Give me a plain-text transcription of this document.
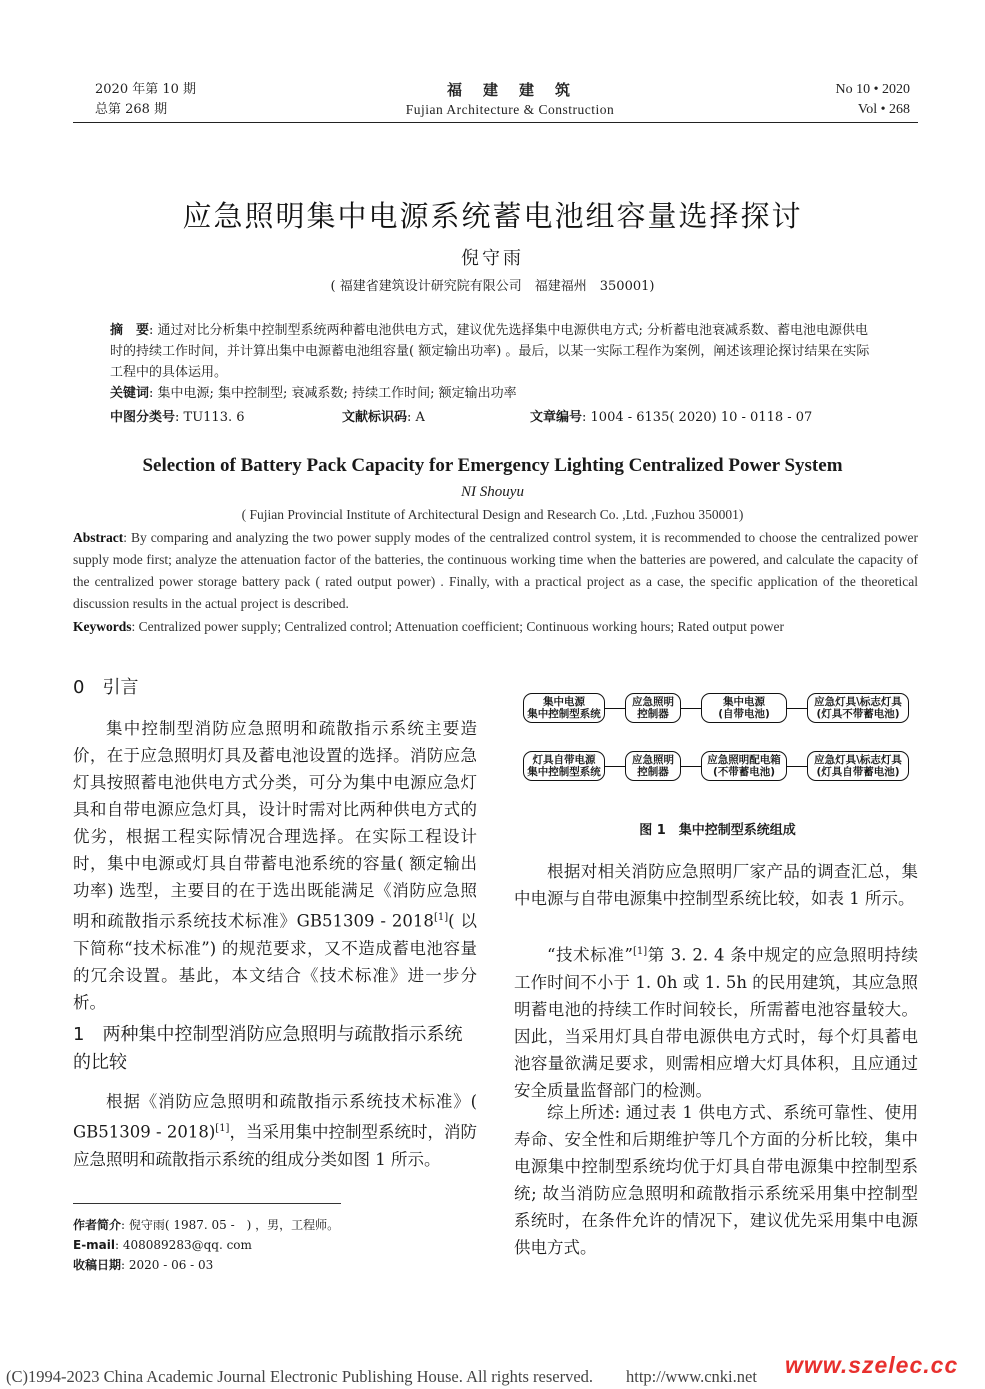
2020 年第 10 期
总第 268 期
福　建　建　筑
Fujian Architecture & Construction
No 10 • 2020
Vol • 268
应急照明集中电源系统蓄电池组容量选择探讨
倪守雨
( 福建省建筑设计研究院有限公司　福建福州　350001)
摘　要: 通过对比分析集中控制型系统两种蓄电池供电方式，建议优先选择集中电源供电方式; 分析蓄电池衰减系数、蓄电池电源供电时的持续工作时间，并计算出集中电源蓄电池组容量( 额定输出功率) 。最后，以某一实际工程作为案例，阐述该理论探讨结果在实际工程中的具体运用。
关键词: 集中电源; 集中控制型; 衰减系数; 持续工作时间; 额定输出功率
中图分类号: TU113. 6	文献标识码: A	文章编号: 1004 - 6135( 2020) 10 - 0118 - 07
Selection of Battery Pack Capacity for Emergency Lighting Centralized Power System
NI Shouyu
( Fujian Provincial Institute of Architectural Design and Research Co. ,Ltd. ,Fuzhou 350001)
Abstract: By comparing and analyzing the two power supply modes of the centralized control system, it is recommended to choose the centralized power supply mode first; analyze the attenuation factor of the batteries, the continuous working time when the batteries are powered, and calculate the capacity of the centralized power storage battery pack ( rated output power) . Finally, with a practical project as a case, the specific application of the theoretical discussion results in the actual project is described.
Keywords: Centralized power supply; Centralized control; Attenuation coefficient; Continuous working hours; Rated output power
0　引言
集中控制型消防应急照明和疏散指示系统主要造价，在于应急照明灯具及蓄电池设置的选择。消防应急灯具按照蓄电池供电方式分类，可分为集中电源应急灯具和自带电源应急灯具，设计时需对比两种供电方式的优劣，根据工程实际情况合理选择。在实际工程设计时，集中电源或灯具自带蓄电池系统的容量( 额定输出功率) 选型，主要目的在于选出既能满足《消防应急照明和疏散指示系统技术标准》GB51309 - 2018[1]( 以下简称“技术标准”) 的规范要求，又不造成蓄电池容量的冗余设置。基此，本文结合《技术标准》进一步分析。
1　两种集中控制型消防应急照明与疏散指示系统的比较
根据《消防应急照明和疏散指示系统技术标准》( GB51309 - 2018)[1]，当采用集中控制型系统时，消防应急照明和疏散指示系统的组成分类如图 1 所示。
作者简介: 倪守雨( 1987. 05 -　) ，男，工程师。
E-mail: 408089283@qq. com
收稿日期: 2020 - 06 - 03
集中电源
集中控制型系统
应急照明
控制器
集中电源
(自带电池)
应急灯具\标志灯具
(灯具不带蓄电池)
灯具自带电源
集中控制型系统
应急照明
控制器
应急照明配电箱
(不带蓄电池)
应急灯具\标志灯具
(灯具自带蓄电池)
图 1　集中控制型系统组成
根据对相关消防应急照明厂家产品的调查汇总，集中电源与自带电源集中控制型系统比较，如表 1 所示。
“技术标准”[1]第 3. 2. 4 条中规定的应急照明持续工作时间不小于 1. 0h 或 1. 5h 的民用建筑，其应急照明蓄电池的持续工作时间较长，所需蓄电池容量较大。因此，当采用灯具自带电源供电方式时，每个灯具蓄电池容量欲满足要求，则需相应增大灯具体积，且应通过安全质量监督部门的检测。
综上所述: 通过表 1 供电方式、系统可靠性、使用寿命、安全性和后期维护等几个方面的分析比较，集中电源集中控制型系统均优于灯具自带电源集中控制型系统; 故当消防应急照明和疏散指示系统采用集中控制型系统时，在条件允许的情况下，建议优先采用集中电源供电方式。
(C)1994-2023 China Academic Journal Electronic Publishing House. All rights reserved.　　http://www.cnki.net www.szelec.cc
